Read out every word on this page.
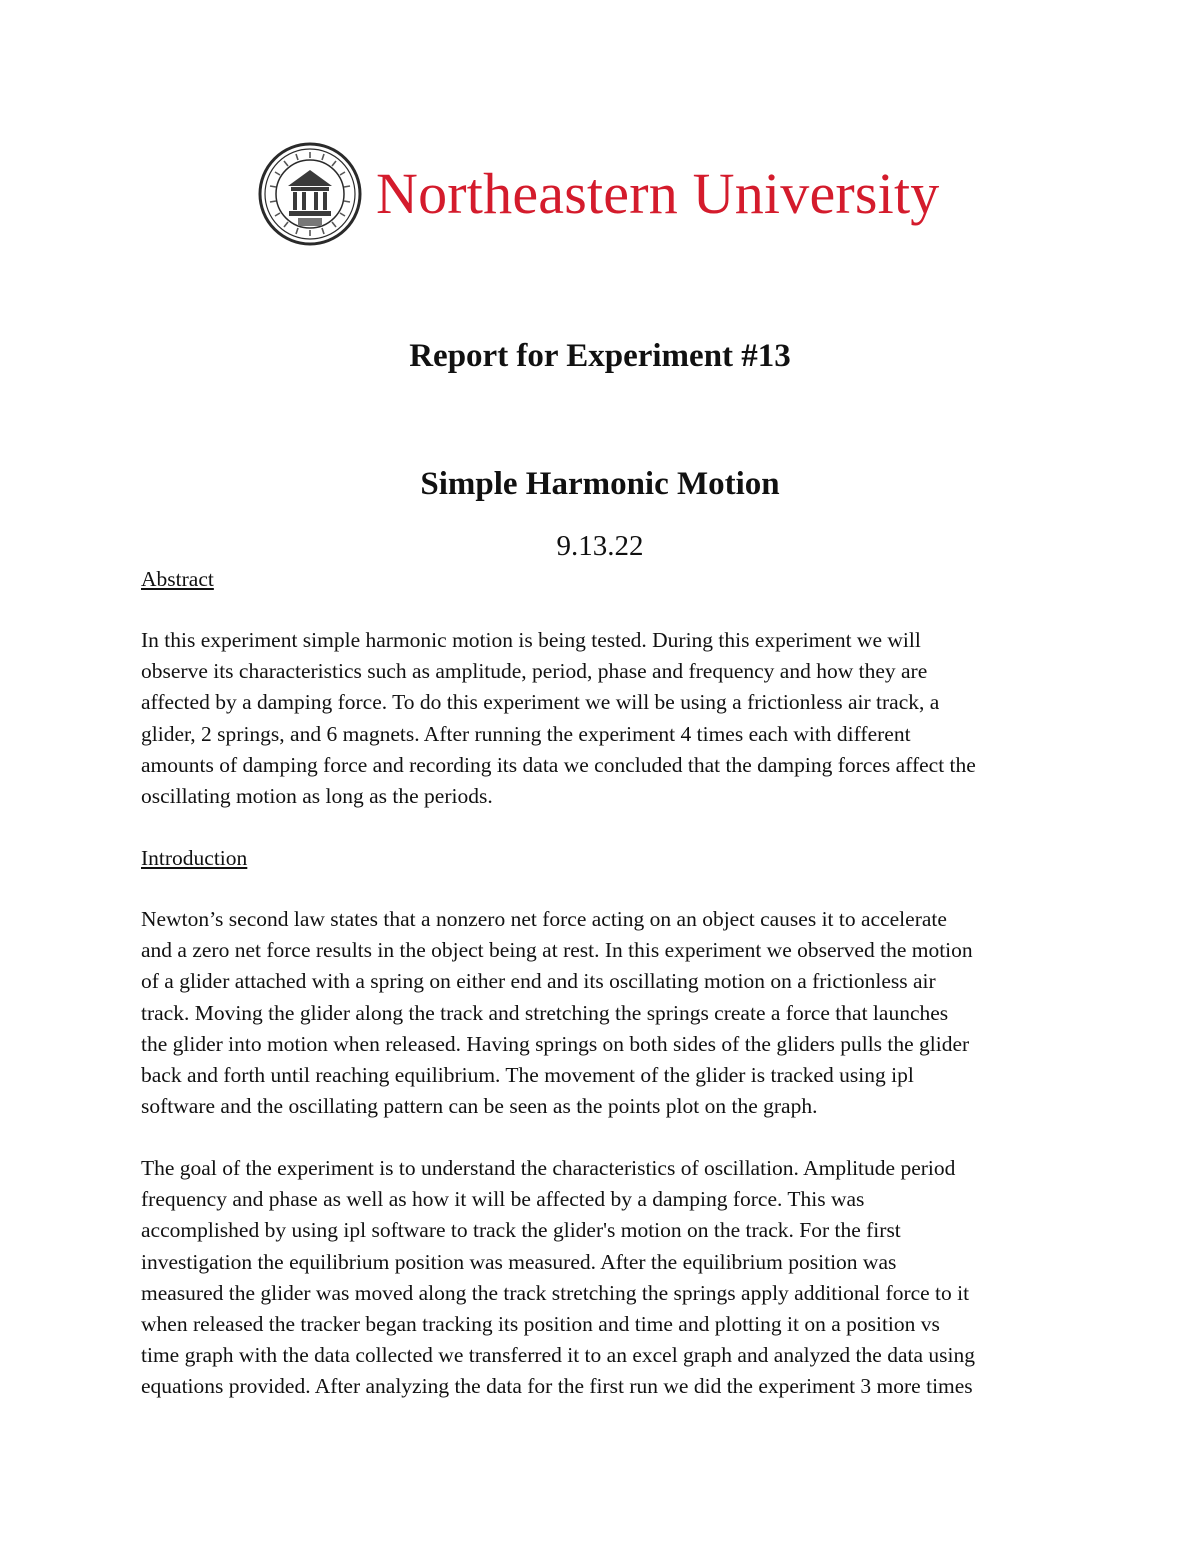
Northeastern University
Report for Experiment #13
Simple Harmonic Motion

9.13.22

Abstract

In this experiment simple harmonic motion is being tested. During this experiment we will
observe its characteristics such as amplitude, period, phase and frequency and how they are
affected by a damping force. To do this experiment we will be using a frictionless air track, a
glider, 2 springs, and 6 magnets. After running the experiment 4 times each with different
amounts of damping force and recording its data we concluded that the damping forces affect the
oscillating motion as long as the periods.

Introduction

Newton’s second law states that a nonzero net force acting on an object causes it to accelerate
and a zero net force results in the object being at rest. In this experiment we observed the motion
of a glider attached with a spring on either end and its oscillating motion on a frictionless air
track. Moving the glider along the track and stretching the springs create a force that launches
the glider into motion when released. Having springs on both sides of the gliders pulls the glider
back and forth until reaching equilibrium. The movement of the glider is tracked using ipl
software and the oscillating pattern can be seen as the points plot on the graph.

The goal of the experiment is to understand the characteristics of oscillation. Amplitude period
frequency and phase as well as how it will be affected by a damping force. This was
accomplished by using ipl software to track the glider's motion on the track. For the first
investigation the equilibrium position was measured. After the equilibrium position was
measured the glider was moved along the track stretching the springs apply additional force to it
when released the tracker began tracking its position and time and plotting it on a position vs
time graph with the data collected we transferred it to an excel graph and analyzed the data using
equations provided. After analyzing the data for the first run we did the experiment 3 more times
